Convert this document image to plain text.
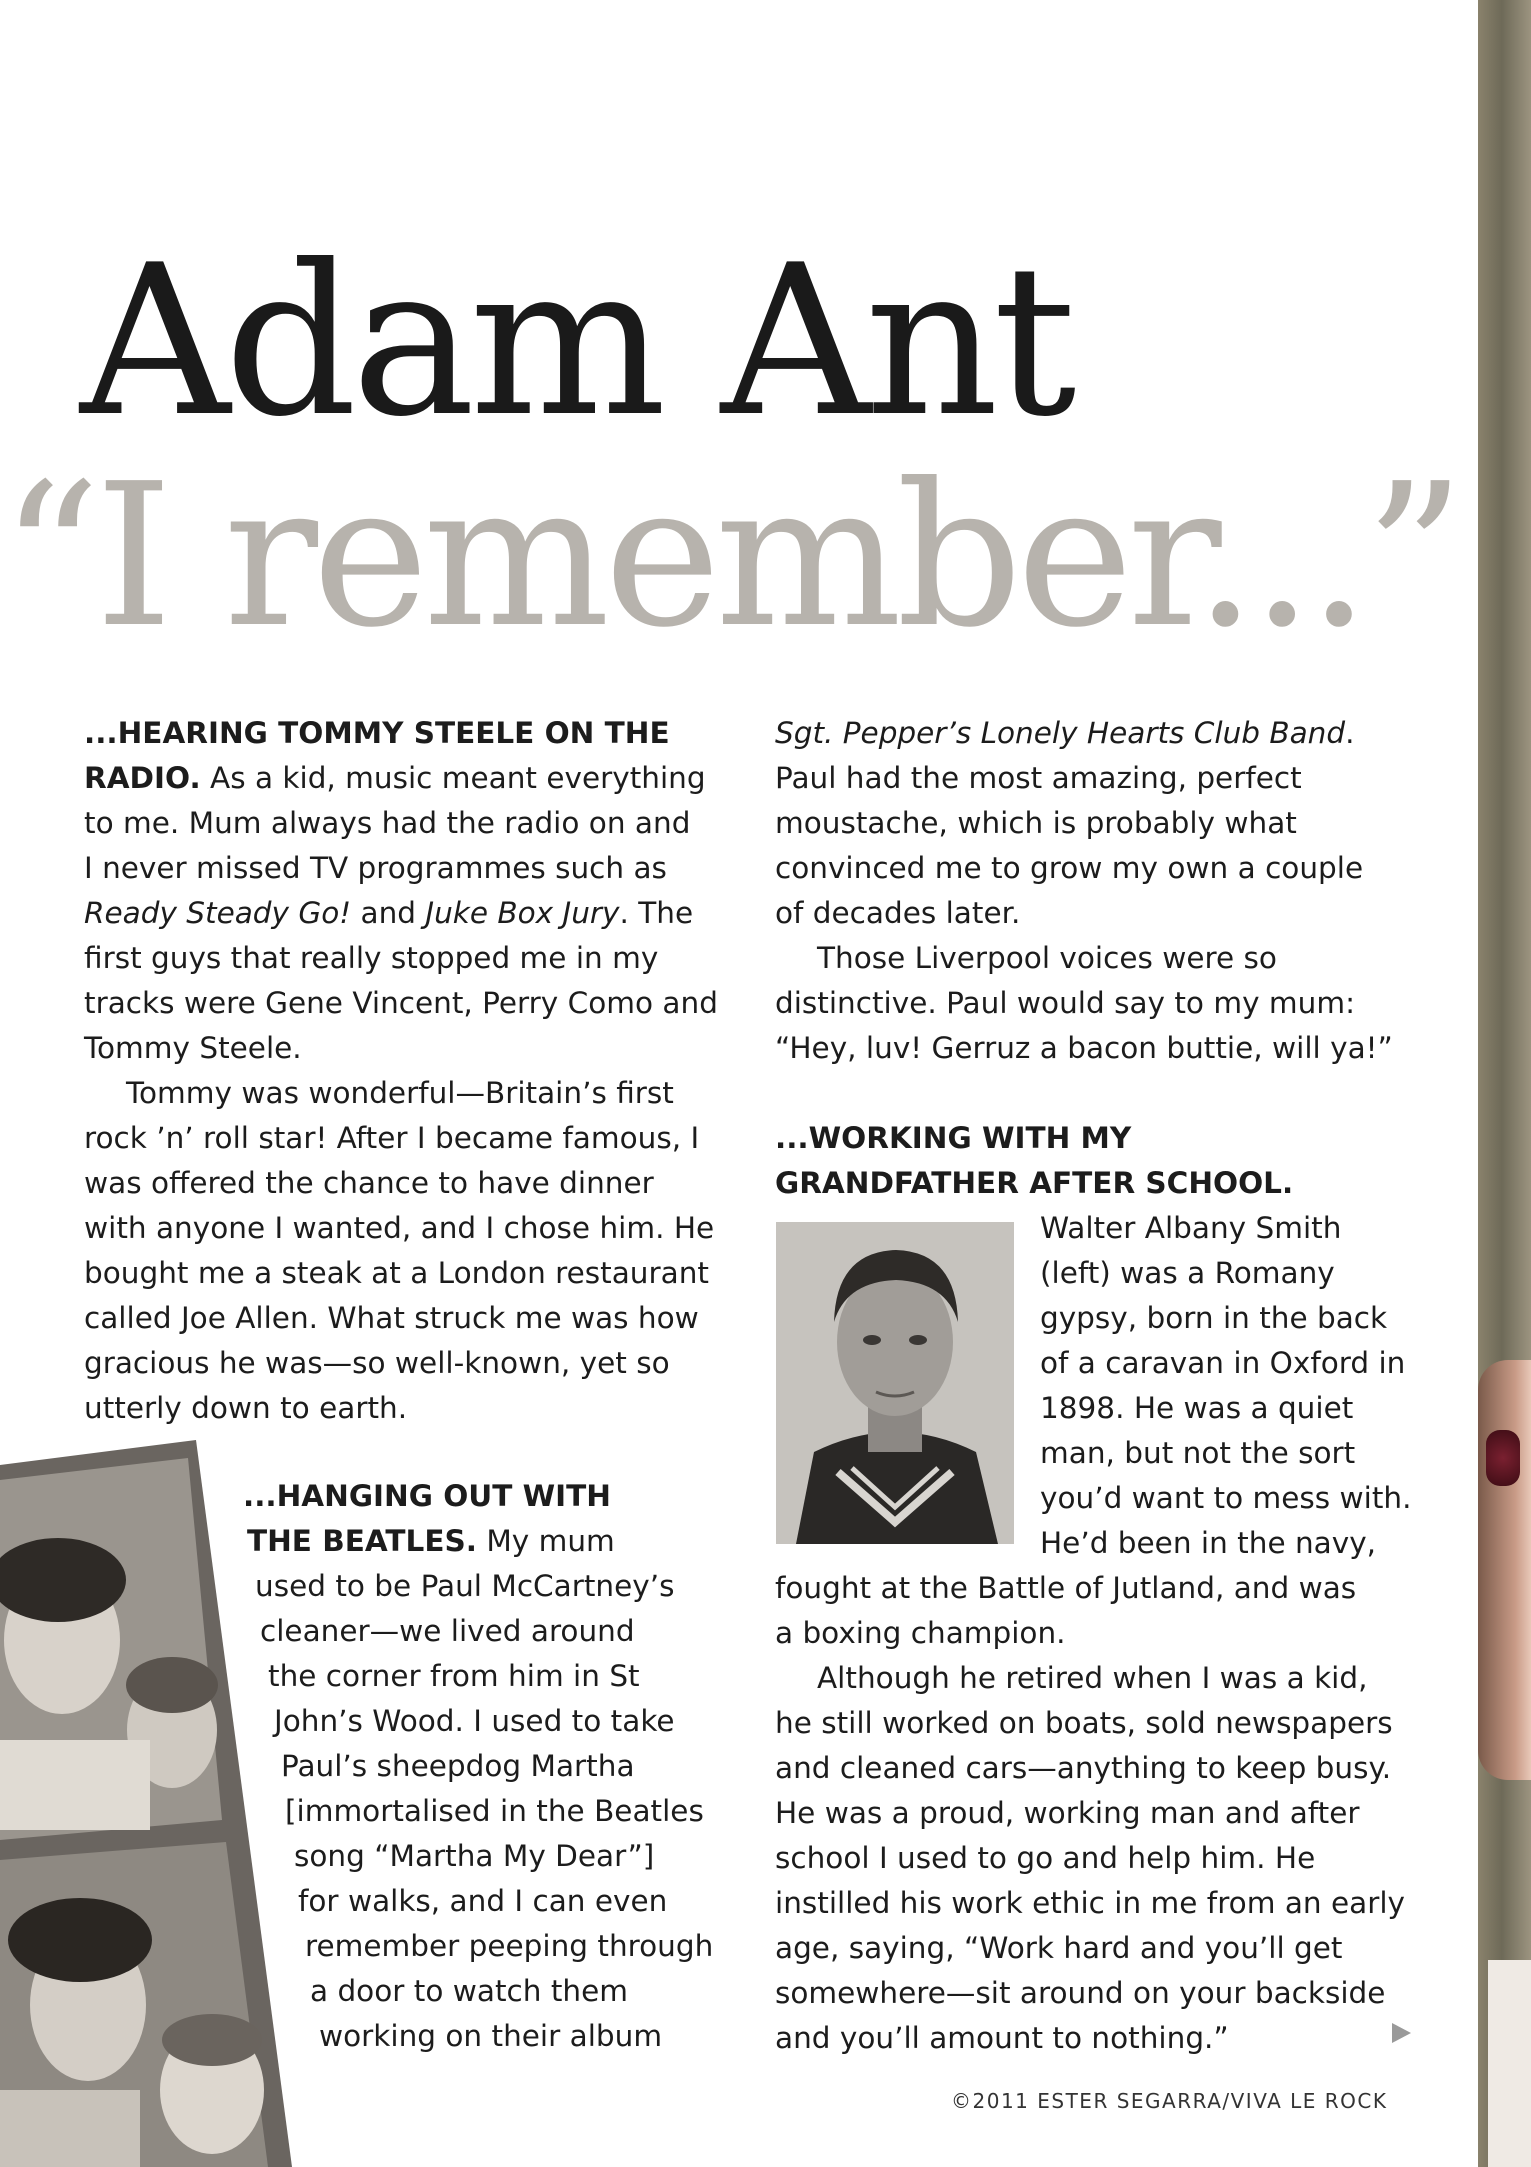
Adam Ant
“I remember...”

...HEARING TOMMY STEELE ON THE

RADIO. As a kid, music meant everything

to me. Mum always had the radio on and

I never missed TV programmes such as

Ready Steady Go! and Juke Box Jury. The

first guys that really stopped me in my

tracks were Gene Vincent, Perry Como and

Tommy Steele.

Tommy was wonderful—Britain’s first

rock ’n’ roll star! After I became famous, I

was offered the chance to have dinner

with anyone I wanted, and I chose him. He

bought me a steak at a London restaurant

called Joe Allen. What struck me was how

gracious he was—so well-known, yet so

utterly down to earth.

...HANGING OUT WITH

THE BEATLES. My mum

used to be Paul McCartney’s

cleaner—we lived around

the corner from him in St

John’s Wood. I used to take

Paul’s sheepdog Martha

[immortalised in the Beatles

song “Martha My Dear”]

for walks, and I can even

remember peeping through

a door to watch them

working on their album

Sgt. Pepper’s Lonely Hearts Club Band.

Paul had the most amazing, perfect

moustache, which is probably what

convinced me to grow my own a couple

of decades later.

Those Liverpool voices were so

distinctive. Paul would say to my mum:

“Hey, luv! Gerruz a bacon buttie, will ya!”

...WORKING WITH MY

GRANDFATHER AFTER SCHOOL.

Walter Albany Smith

(left) was a Romany

gypsy, born in the back

of a caravan in Oxford in

1898. He was a quiet

man, but not the sort

you’d want to mess with.

He’d been in the navy,

fought at the Battle of Jutland, and was

a boxing champion.

Although he retired when I was a kid,

he still worked on boats, sold newspapers

and cleaned cars—anything to keep busy.

He was a proud, working man and after

school I used to go and help him. He

instilled his work ethic in me from an early

age, saying, “Work hard and you’ll get

somewhere—sit around on your backside

and you’ll amount to nothing.”

©2011 ESTER SEGARRA/VIVA LE ROCK
